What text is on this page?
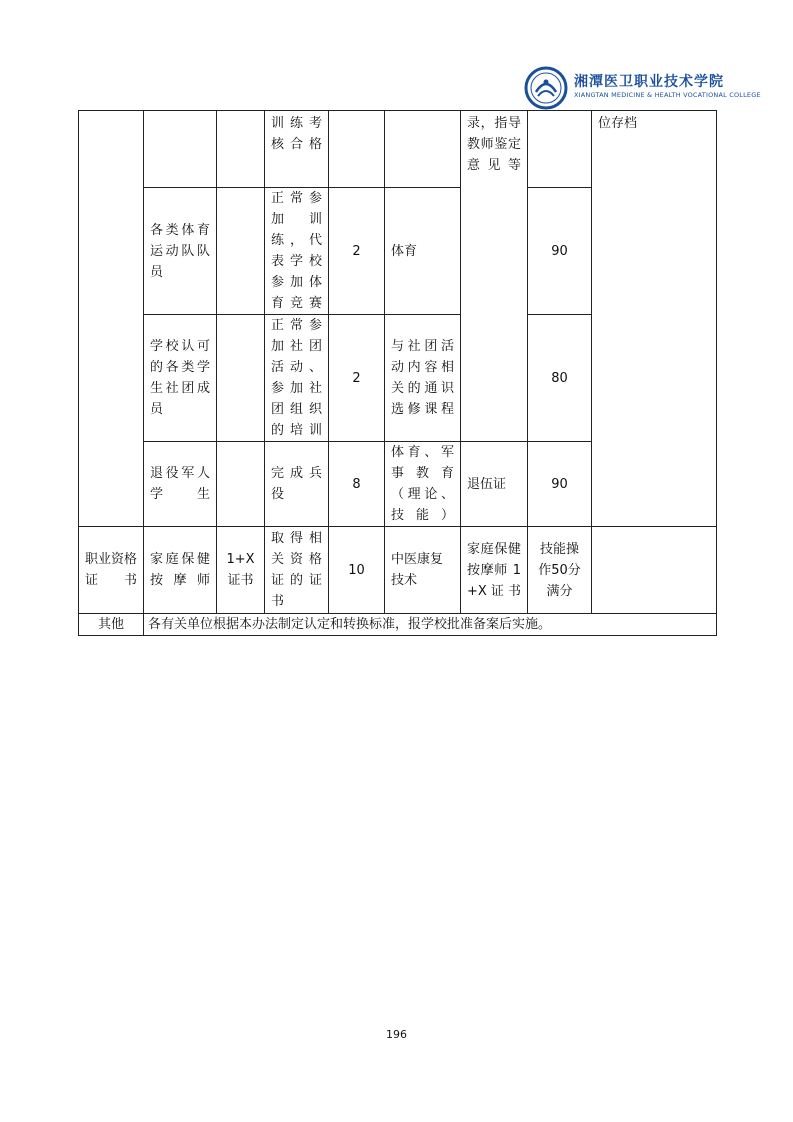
湘潭医卫职业技术学院
XIANGTAN MEDICINE & HEALTH VOCATIONAL COLLEGE
			训练考核合格			录，指导教师鉴定意见等		位存档
	各类体育运动队队员		正常参加训练，代表学校参加体育竞赛	2	体育		90	
	学校认可的各类学生社团成员		正常参加社团活动、参加社团组织的培训	2	与社团活动内容相关的通识选修课程		80	
	退役军人学生		完成兵役	8	体育、军事教育（理论、技能）	退伍证	90	
职业资格证书	家庭保健按摩师	1+X证书	取得相关资格证的证书	10	中医康复技术	家庭保健按摩师 1+X证书	技能操作50分满分	
其他	各有关单位根据本办法制定认定和转换标准，报学校批准备案后实施。							
196
